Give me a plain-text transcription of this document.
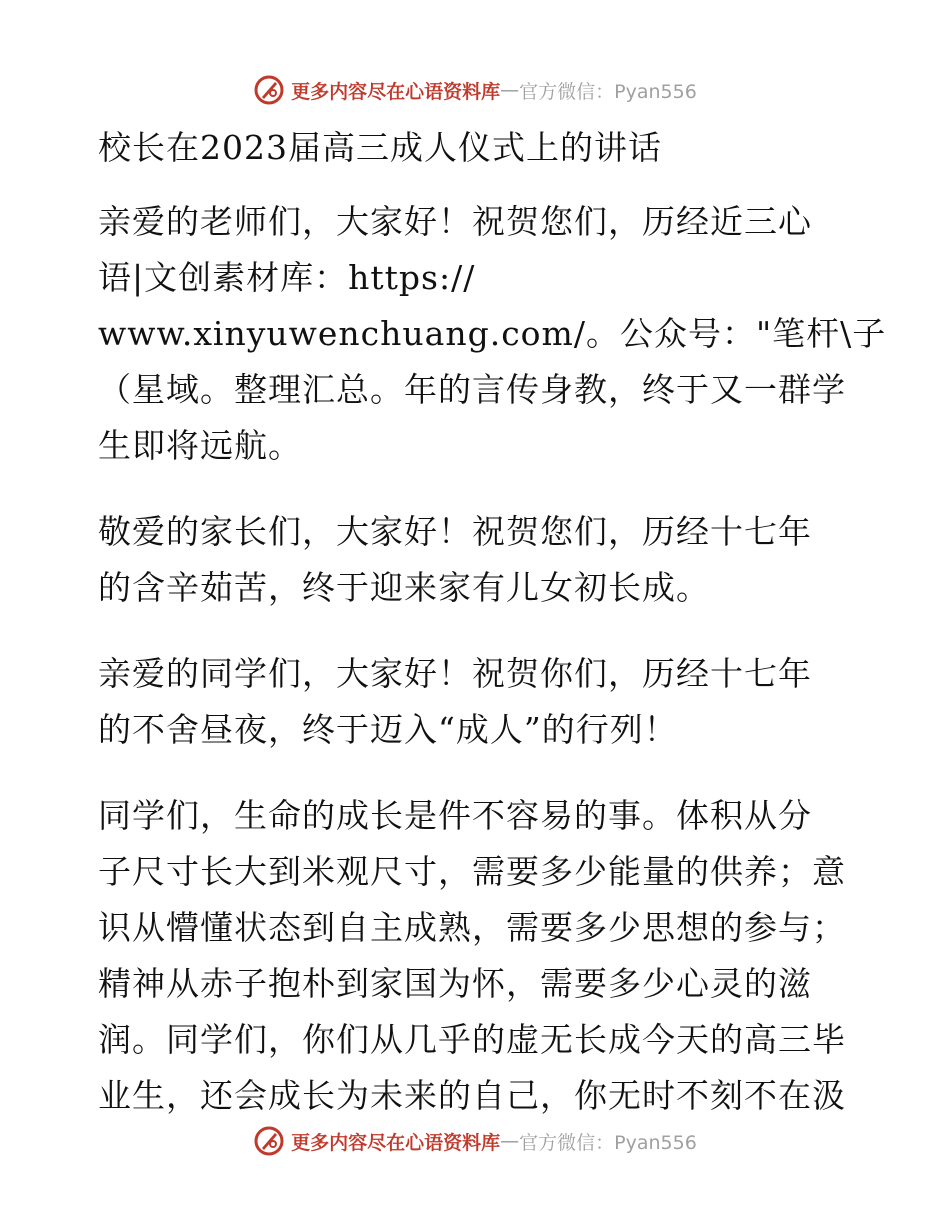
更多内容尽在心语资料库 — 官方微信：Pyan556
校长在2023届高三成人仪式上的讲话
亲爱的老师们，大家好！祝贺您们，历经近三心
语|文创素材库：https://
www.xinyuwenchuang.com/。公众号："笔杆\子
（星域。整理汇总。年的言传身教，终于又一群学
生即将远航。
敬爱的家长们，大家好！祝贺您们，历经十七年
的含辛茹苦，终于迎来家有儿女初长成。
亲爱的同学们，大家好！祝贺你们，历经十七年
的不舍昼夜，终于迈入“成人”的行列！
同学们，生命的成长是件不容易的事。体积从分
子尺寸长大到米观尺寸，需要多少能量的供养；意
识从懵懂状态到自主成熟，需要多少思想的参与；
精神从赤子抱朴到家国为怀，需要多少心灵的滋
润。同学们，你们从几乎的虚无长成今天的高三毕
业生，还会成长为未来的自己，你无时不刻不在汲
更多内容尽在心语资料库 — 官方微信：Pyan556
